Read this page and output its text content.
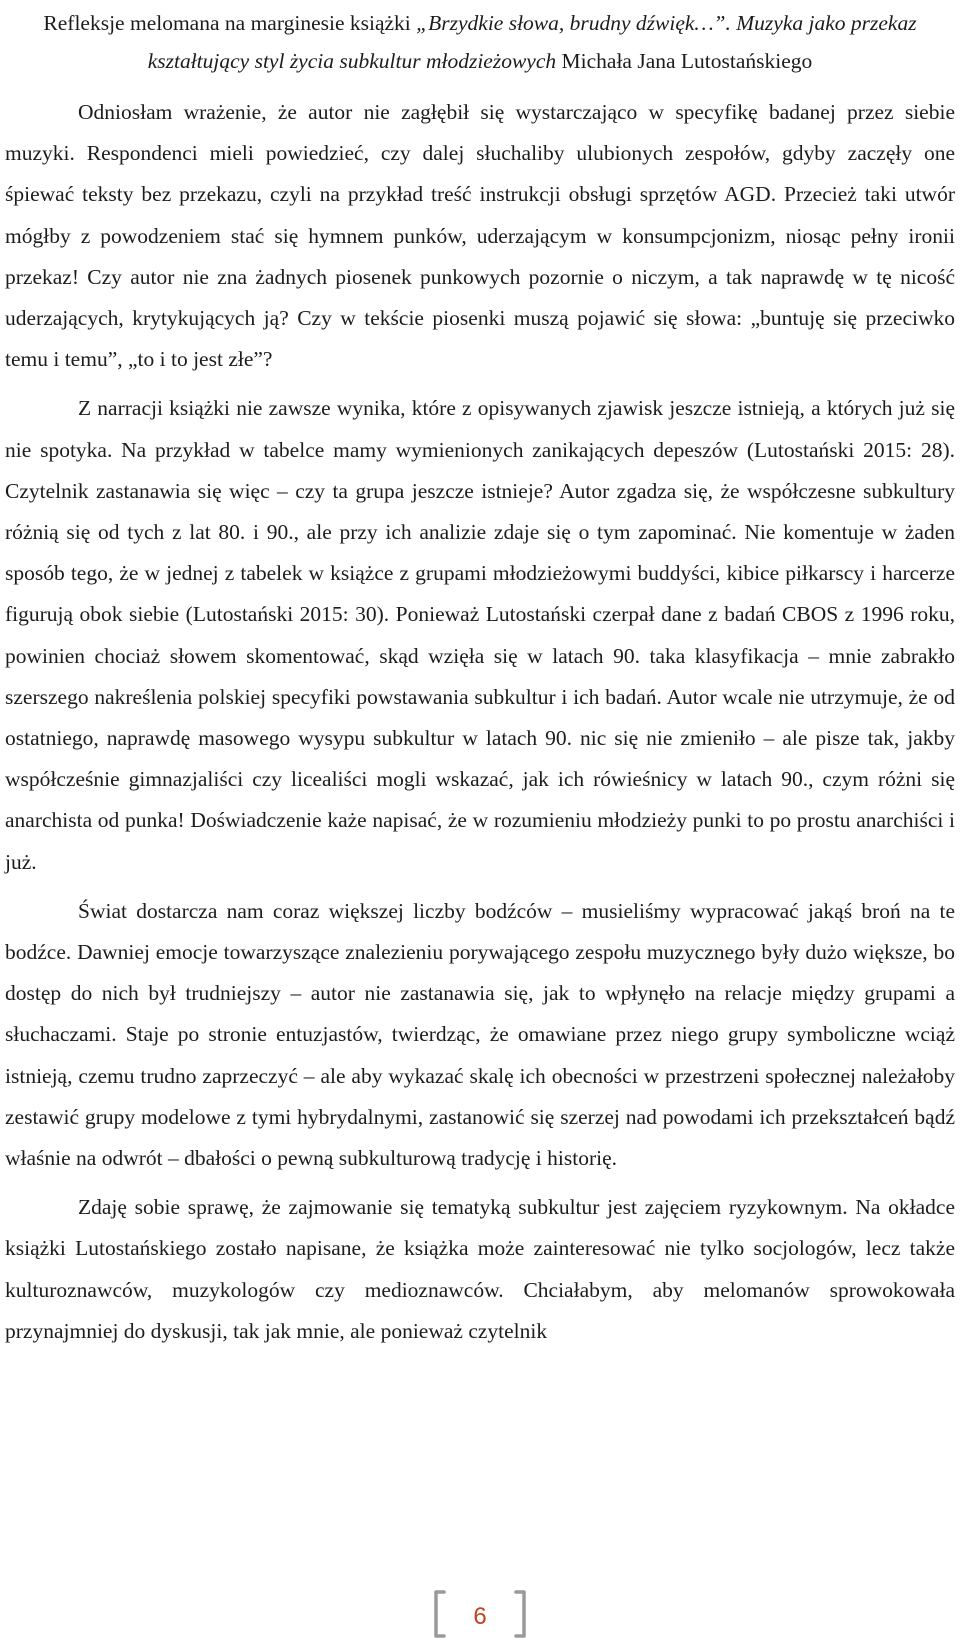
Refleksje melomana na marginesie książki „Brzydkie słowa, brudny dźwięk…”. Muzyka jako przekaz
kształtujący styl życia subkultur młodzieżowych Michała Jana Lutostańskiego

Odniosłam wrażenie, że autor nie zagłębił się wystarczająco w specyfikę badanej przez siebie muzyki. Respondenci mieli powiedzieć, czy dalej słuchaliby ulubionych zespołów, gdyby zaczęły one śpiewać teksty bez przekazu, czyli na przykład treść instrukcji obsługi sprzętów AGD. Przecież taki utwór mógłby z powodzeniem stać się hymnem punków, uderzającym w konsumpcjonizm, niosąc pełny ironii przekaz! Czy autor nie zna żadnych piosenek punkowych pozornie o niczym, a tak naprawdę w tę nicość uderzających, krytykujących ją? Czy w tekście piosenki muszą pojawić się słowa: „buntuję się przeciwko temu i temu”, „to i to jest złe”?

Z narracji książki nie zawsze wynika, które z opisywanych zjawisk jeszcze istnieją, a których już się nie spotyka. Na przykład w tabelce mamy wymienionych zanikających depeszów (Lutostański 2015: 28). Czytelnik zastanawia się więc – czy ta grupa jeszcze istnieje? Autor zgadza się, że współczesne subkultury różnią się od tych z lat 80. i 90., ale przy ich analizie zdaje się o tym zapominać. Nie komentuje w żaden sposób tego, że w jednej z tabelek w książce z grupami młodzieżowymi buddyści, kibice piłkarscy i harcerze figurują obok siebie (Lutostański 2015: 30). Ponieważ Lutostański czerpał dane z badań CBOS z 1996 roku, powinien chociaż słowem skomentować, skąd wzięła się w latach 90. taka klasyfikacja – mnie zabrakło szerszego nakreślenia polskiej specyfiki powstawania subkultur i ich badań. Autor wcale nie utrzymuje, że od ostatniego, naprawdę masowego wysypu subkultur w latach 90. nic się nie zmieniło – ale pisze tak, jakby współcześnie gimnazjaliści czy licealiści mogli wskazać, jak ich rówieśnicy w latach 90., czym różni się anarchista od punka! Doświadczenie każe napisać, że w rozumieniu młodzieży punki to po prostu anarchiści i już.

Świat dostarcza nam coraz większej liczby bodźców – musieliśmy wypracować jakąś broń na te bodźce. Dawniej emocje towarzyszące znalezieniu porywającego zespołu muzycznego były dużo większe, bo dostęp do nich był trudniejszy – autor nie zastanawia się, jak to wpłynęło na relacje między grupami a słuchaczami. Staje po stronie entuzjastów, twierdząc, że omawiane przez niego grupy symboliczne wciąż istnieją, czemu trudno zaprzeczyć – ale aby wykazać skalę ich obecności w przestrzeni społecznej należałoby zestawić grupy modelowe z tymi hybrydalnymi, zastanowić się szerzej nad powodami ich przekształceń bądź właśnie na odwrót – dbałości o pewną subkulturową tradycję i historię.

Zdaję sobie sprawę, że zajmowanie się tematyką subkultur jest zajęciem ryzykownym. Na okładce książki Lutostańskiego zostało napisane, że książka może zainteresować nie tylko socjologów, lecz także kulturoznawców, muzykologów czy medioznawców. Chciałabym, aby melomanów sprowokowała przynajmniej do dyskusji, tak jak mnie, ale ponieważ czytelnik

6
